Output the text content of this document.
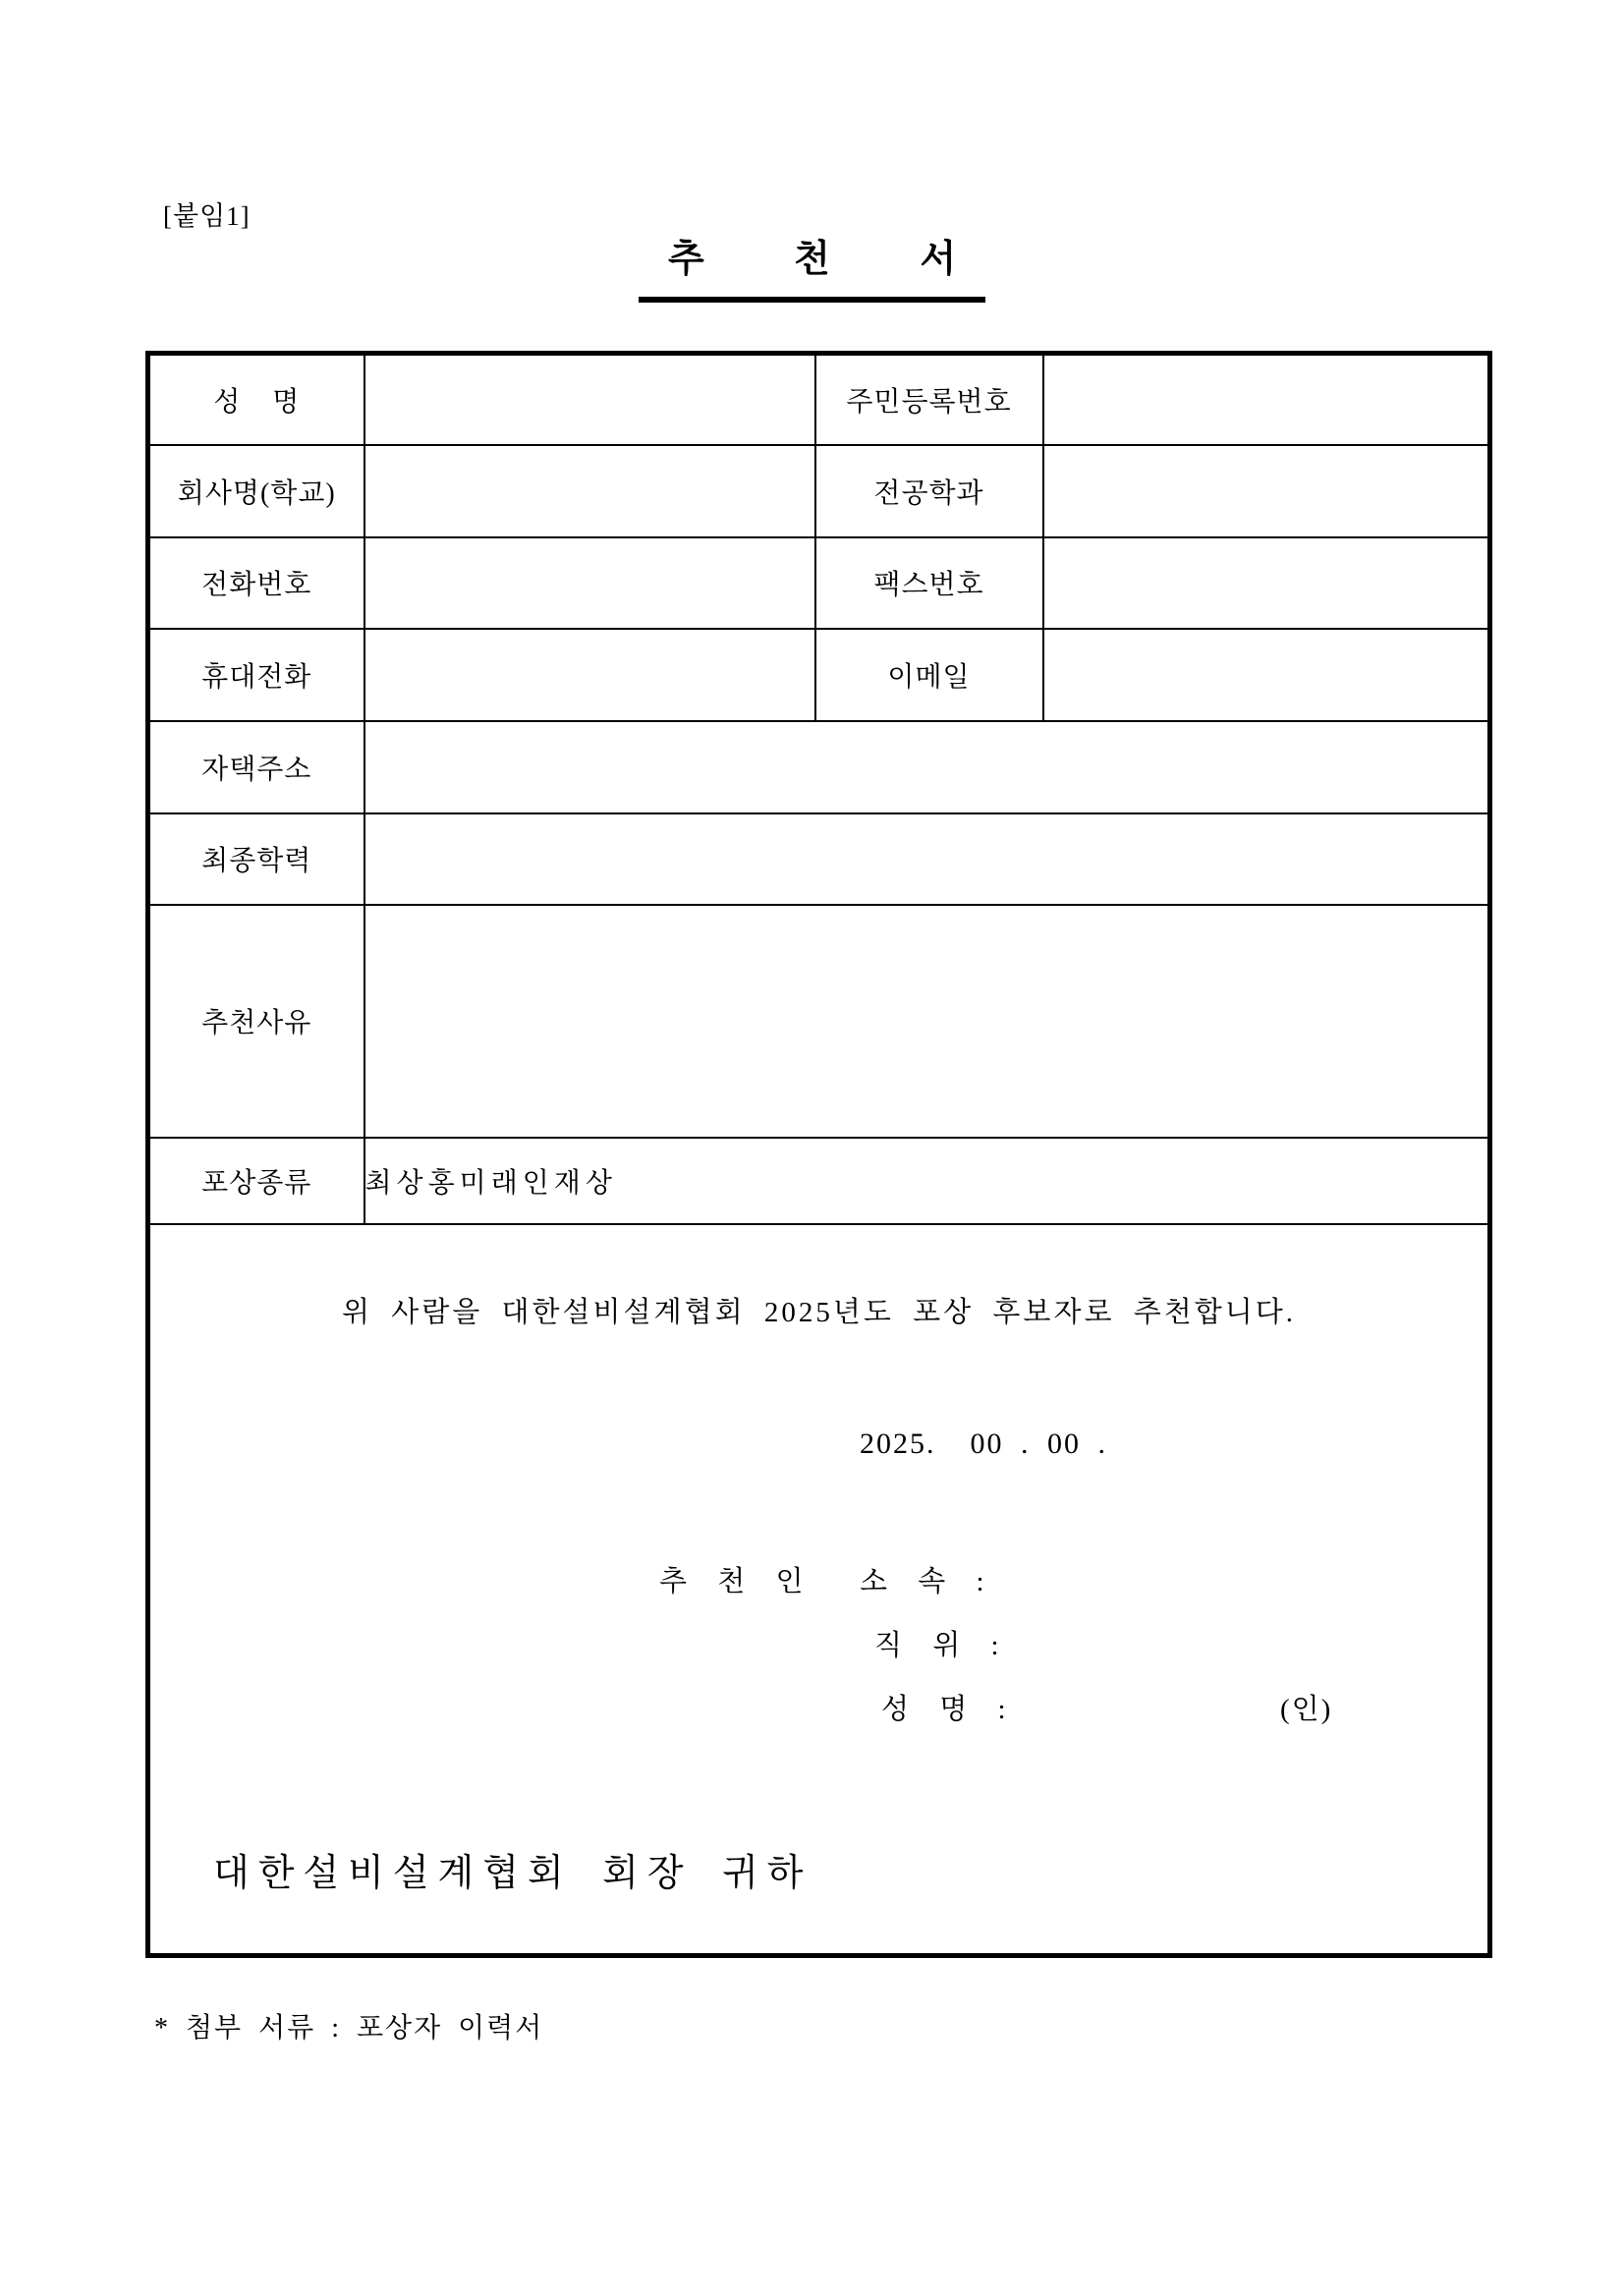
[붙임1]
추 천 서
성    명		주민등록번호	
회사명(학교)		전공학과	
전화번호		팩스번호	
휴대전화		이메일	
자택주소			
최종학력			
추천사유			
포상종류	최상홍미래인재상		

위 사람을 대한설비설계협회 2025년도 포상 후보자로 추천합니다.
2025.  00 . 00 .
추 천 인 소 속 :
직 위 :
성 명 :	(인)
대한설비설계협회 회장 귀하
* 첨부 서류 : 포상자 이력서
